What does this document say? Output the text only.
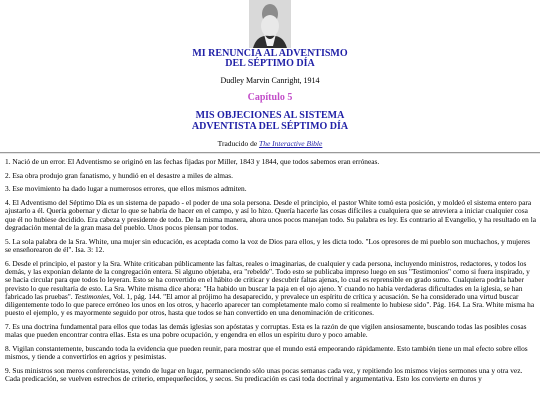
MI RENUNCIA AL ADVENTISMO
DEL SÉPTIMO DÍA
Dudley Marvin Canright, 1914
Capítulo 5
MIS OBJECIONES AL SISTEMA
ADVENTISTA DEL SÉPTIMO DÍA
Traducido de The Interactive Bible

1. Nació de un error. El Adventismo se originó en las fechas fijadas por Miller, 1843 y 1844, que todos sabemos eran erróneas.

2. Esa obra produjo gran fanatismo, y hundió en el desastre a miles de almas.

3. Ese movimiento ha dado lugar a numerosos errores, que ellos mismos admiten.

4. El Adventismo del Séptimo Día es un sistema de papado - el poder de una sola persona. Desde el principio, el pastor White tomó esta posición, y moldeó el sistema entero para ajustarlo a él. Quería gobernar y dictar lo que se habría de hacer en el campo, y así lo hizo. Quería hacerle las cosas difíciles a cualquiera que se atreviera a iniciar cualquier cosa que él no hubiese decidido. Era cabeza y presidente de todo. De la misma manera, ahora unos pocos manejan todo. Su palabra es ley. Es contrario al Evangelio, y ha resultado en la degradación mental de la gran masa del pueblo. Unos pocos piensan por todos.

5. La sola palabra de la Sra. White, una mujer sin educación, es aceptada como la voz de Dios para ellos, y les dicta todo. "Los opresores de mi pueblo son muchachos, y mujeres se enseñorearon de él". Isa. 3: 12.

6. Desde el principio, el pastor y la Sra. White criticaban públicamente las faltas, reales o imaginarias, de cualquier y cada persona, incluyendo ministros, redactores, y todos los demás, y las exponían delante de la congregación entera. Si alguno objetaba, era "rebelde". Todo esto se publicaba impreso luego en sus "Testimonios" como si fuera inspirado, y se hacía circular para que todos lo leyeran. Esto se ha convertido en el hábito de criticar y descubrir faltas ajenas, lo cual es reprensible en grado sumo. Cualquiera podría haber previsto lo que resultaría de esto. La Sra. White misma dice ahora: "Ha habido un buscar la paja en el ojo ajeno. Y cuando no había verdaderas dificultades en la iglesia, se han fabricado las pruebas". Testimonies, Vol. 1, pág. 144. "El amor al prójimo ha desaparecido, y prevalece un espíritu de crítica y acusación. Se ha considerado una virtud buscar diligentemente todo lo que parece erróneo los unos en los otros, y hacerlo aparecer tan completamente malo como sí realmente lo hubiese sido". Pág. 164. La Sra. White misma ha puesto el ejemplo, y es mayormente seguido por otros, hasta que todos se han convertido en una denominación de criticones.

7. Es una doctrina fundamental para ellos que todas las demás iglesias son apóstatas y corruptas. Esta es la razón de que vigilen ansiosamente, buscando todas las posibles cosas malas que pueden encontrar contra ellas. Esta es una pobre ocupación, y engendra en ellos un espíritu duro y poco amable.

8. Vigilan constantemente, buscando toda la evidencia que pueden reunir, para mostrar que el mundo está empeorando rápidamente. Esto también tiene un mal efecto sobre ellos mismos, y tiende a convertirlos en agrios y pesimistas.

9. Sus ministros son meros conferencistas, yendo de lugar en lugar, permaneciendo sólo unas pocas semanas cada vez, y repitiendo los mismos viejos sermones una y otra vez. Cada predicación, se vuelven estrechos de criterio, empequeñecidos, y secos. Su predicación es casi toda doctrinal y argumentativa. Esto los convierte en duros y
